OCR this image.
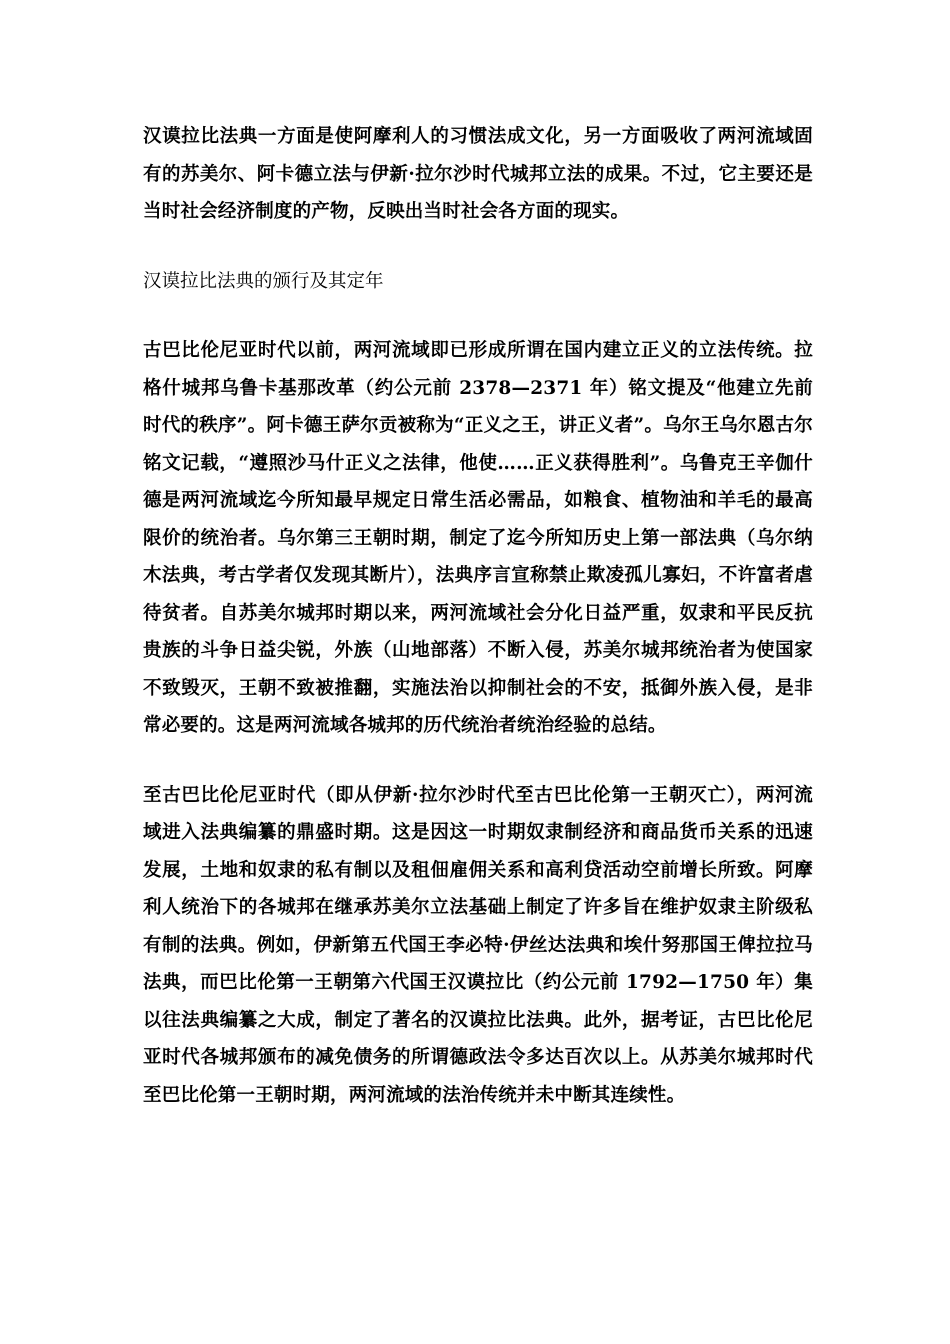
汉谟拉比法典一方面是使阿摩利人的习惯法成文化，另一方面吸收了两河流域固有的苏美尔、阿卡德立法与伊新·拉尔沙时代城邦立法的成果。不过，它主要还是当时社会经济制度的产物，反映出当时社会各方面的现实。

汉谟拉比法典的颁行及其定年

古巴比伦尼亚时代以前，两河流域即已形成所谓在国内建立正义的立法传统。拉格什城邦乌鲁卡基那改革（约公元前 2378—2371 年）铭文提及“他建立先前时代的秩序”。阿卡德王萨尔贡被称为“正义之王，讲正义者”。乌尔王乌尔恩古尔铭文记载，“遵照沙马什正义之法律，他使……正义获得胜利”。乌鲁克王辛伽什德是两河流域迄今所知最早规定日常生活必需品，如粮食、植物油和羊毛的最高限价的统治者。乌尔第三王朝时期，制定了迄今所知历史上第一部法典（乌尔纳木法典，考古学者仅发现其断片），法典序言宣称禁止欺凌孤儿寡妇，不许富者虐待贫者。自苏美尔城邦时期以来，两河流域社会分化日益严重，奴隶和平民反抗贵族的斗争日益尖锐，外族（山地部落）不断入侵，苏美尔城邦统治者为使国家不致毁灭，王朝不致被推翻，实施法治以抑制社会的不安，抵御外族入侵，是非常必要的。这是两河流域各城邦的历代统治者统治经验的总结。

至古巴比伦尼亚时代（即从伊新·拉尔沙时代至古巴比伦第一王朝灭亡），两河流域进入法典编纂的鼎盛时期。这是因这一时期奴隶制经济和商品货币关系的迅速发展，土地和奴隶的私有制以及租佃雇佣关系和高利贷活动空前增长所致。阿摩利人统治下的各城邦在继承苏美尔立法基础上制定了许多旨在维护奴隶主阶级私有制的法典。例如，伊新第五代国王李必特·伊丝达法典和埃什努那国王俾拉拉马法典，而巴比伦第一王朝第六代国王汉谟拉比（约公元前 1792—1750 年）集以往法典编纂之大成，制定了著名的汉谟拉比法典。此外，据考证，古巴比伦尼亚时代各城邦颁布的减免债务的所谓德政法令多达百次以上。从苏美尔城邦时代至巴比伦第一王朝时期，两河流域的法治传统并未中断其连续性。
